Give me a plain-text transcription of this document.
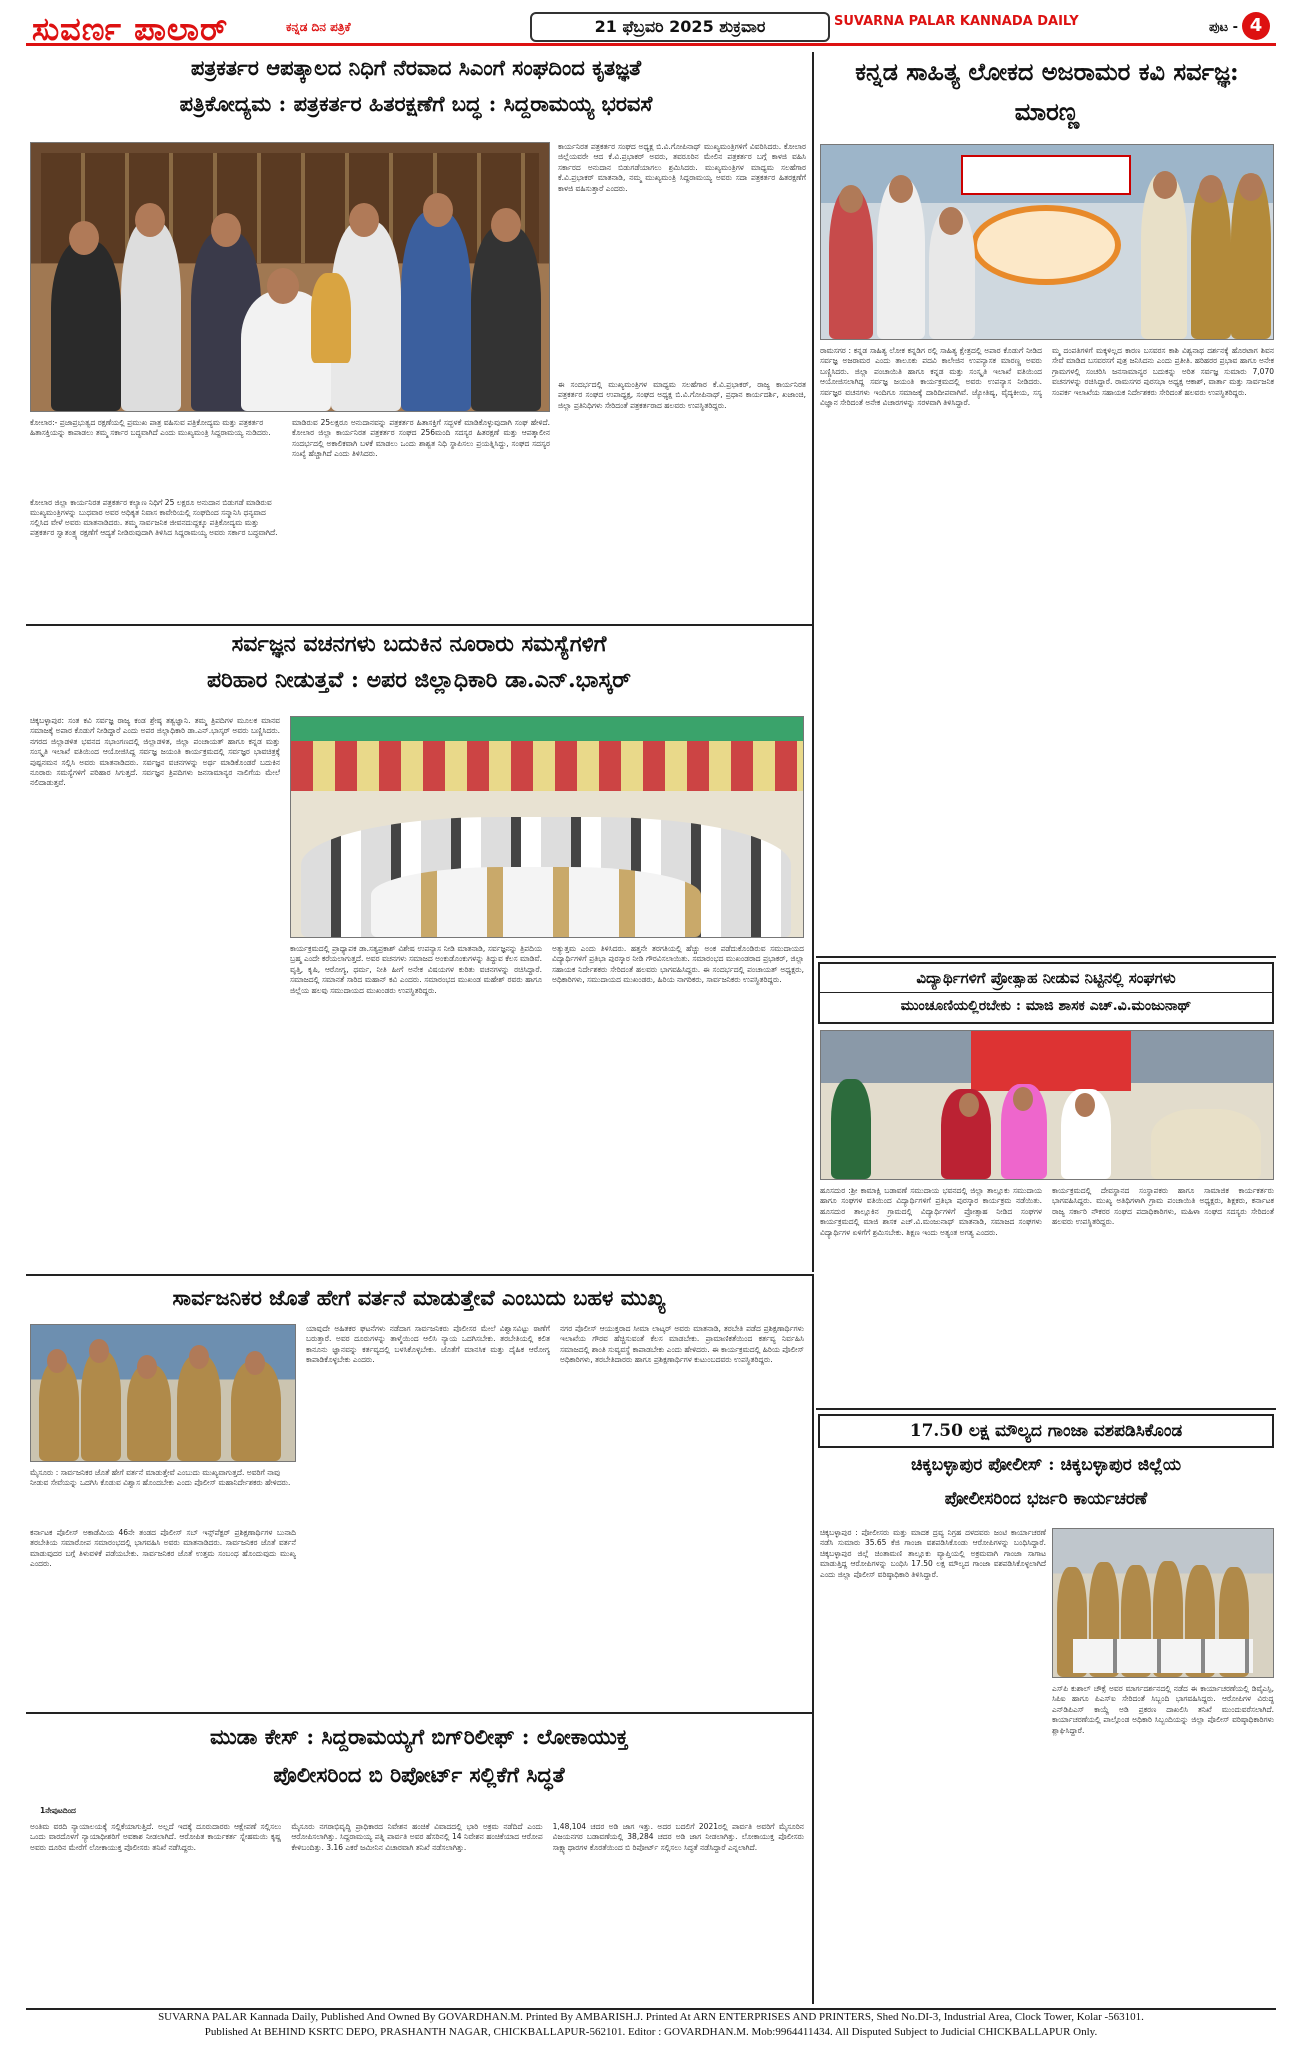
ಸುವರ್ಣ ಪಾಲಾರ್	ಕನ್ನಡ ದಿನ ಪತ್ರಿಕೆ	21 ಫೆಬ್ರವರಿ 2025 ಶುಕ್ರವಾರ	SUVARNA PALAR KANNADA DAILY	ಪುಟ - 4
ಪತ್ರಕರ್ತರ ಆಪತ್ಕಾಲದ ನಿಧಿಗೆ ನೆರವಾದ ಸಿಎಂಗೆ ಸಂಘದಿಂದ ಕೃತಜ್ಞತೆ
ಪತ್ರಿಕೋದ್ಯಮ : ಪತ್ರಕರ್ತರ ಹಿತರಕ್ಷಣೆಗೆ ಬದ್ಧ : ಸಿದ್ದರಾಮಯ್ಯ ಭರವಸೆ
ಕೋಲಾರ:- ಪ್ರಜಾಪ್ರಭುತ್ವದ ರಕ್ಷಣೆಯಲ್ಲಿ ಪ್ರಮುಖ ಪಾತ್ರ ವಹಿಸುವ ಪತ್ರಿಕೋದ್ಯಮ ಮತ್ತು ಪತ್ರಕರ್ತರ ಹಿತಾಸಕ್ತಿಯನ್ನು ಕಾಪಾಡಲು ತಮ್ಮ ಸರ್ಕಾರ ಬದ್ಧವಾಗಿದೆ ಎಂದು ಮುಖ್ಯಮಂತ್ರಿ ಸಿದ್ದರಾಮಯ್ಯ ನುಡಿದರು.
ಮಾಡಿರುವ 25ಲಕ್ಷರೂ ಅನುದಾನವನ್ನು ಪತ್ರಕರ್ತರ ಹಿತಾಸಕ್ತಿಗೆ ಸದ್ಬಳಕೆ ಮಾಡಿಕೊಳ್ಳುವುದಾಗಿ ಸಂಘ ಹೇಳಿದೆ. ಕೋಲಾರ ಜಿಲ್ಲಾ ಕಾರ್ಯನಿರತ ಪತ್ರಕರ್ತರ ಸಂಘದ 256ಮಂದಿ ಸದಸ್ಯರ ಹಿತರಕ್ಷಣೆ ಮತ್ತು ಆಪತ್ಕಾಲೀನ ಸಂದರ್ಭದಲ್ಲಿ ಅಕಾಲಿಕವಾಗಿ ಬಳಕೆ ಮಾಡಲು ಒಂದು ಶಾಶ್ವತ ನಿಧಿ ಸ್ಥಾಪಿಸಲು ಪ್ರಯತ್ನಿಸಿದ್ದು, ಸಂಘದ ಸದಸ್ಯರ ಸಂಖ್ಯೆ ಹೆಚ್ಚಾಗಿದೆ ಎಂದು ತಿಳಿಸಿದರು.
ಕಾರ್ಯನಿರತ ಪತ್ರಕರ್ತರ ಸಂಘದ ಅಧ್ಯಕ್ಷ ಬಿ.ವಿ.ಗೋಪಿನಾಥ್ ಮುಖ್ಯಮಂತ್ರಿಗಳಿಗೆ ವಿವರಿಸಿದರು. ಕೋಲಾರ ಜಿಲ್ಲೆಯವರೇ ಆದ ಕೆ.ವಿ.ಪ್ರಭಾಕರ್ ಅವರು, ತವರೂರಿನ ಮೇಲಿನ ಪತ್ರಕರ್ತರ ಬಗ್ಗೆ ಕಾಳಜಿ ವಹಿಸಿ ಸರ್ಕಾರದ ಅನುದಾನ ಬಿಡುಗಡೆಯಾಗಲು ಶ್ರಮಿಸಿದರು. ಮುಖ್ಯಮಂತ್ರಿಗಳ ಮಾಧ್ಯಮ ಸಲಹೆಗಾರ ಕೆ.ವಿ.ಪ್ರಭಾಕರ್ ಮಾತನಾಡಿ, ನಮ್ಮ ಮುಖ್ಯಮಂತ್ರಿ ಸಿದ್ದರಾಮಯ್ಯ ಅವರು ಸದಾ ಪತ್ರಕರ್ತರ ಹಿತರಕ್ಷಣೆಗೆ ಕಾಳಜಿ ವಹಿಸುತ್ತಾರೆ ಎಂದರು.
ಈ ಸಂದರ್ಭದಲ್ಲಿ ಮುಖ್ಯಮಂತ್ರಿಗಳ ಮಾಧ್ಯಮ ಸಲಹೆಗಾರ ಕೆ.ವಿ.ಪ್ರಭಾಕರ್, ರಾಜ್ಯ ಕಾರ್ಯನಿರತ ಪತ್ರಕರ್ತರ ಸಂಘದ ಉಪಾಧ್ಯಕ್ಷ, ಸಂಘದ ಅಧ್ಯಕ್ಷ ಬಿ.ವಿ.ಗೋಪಿನಾಥ್, ಪ್ರಧಾನ ಕಾರ್ಯದರ್ಶಿ, ಖಜಾಂಚಿ, ಜಿಲ್ಲಾ ಪ್ರತಿನಿಧಿಗಳು ಸೇರಿದಂತೆ ಪತ್ರಕರ್ತರಾದ ಹಲವರು ಉಪಸ್ಥಿತರಿದ್ದರು.
ಕೋಲಾರ ಜಿಲ್ಲಾ ಕಾರ್ಯನಿರತ ಪತ್ರಕರ್ತರ ಕಲ್ಯಾಣ ನಿಧಿಗೆ 25 ಲಕ್ಷರೂ ಅನುದಾನ ಬಿಡುಗಡೆ ಮಾಡಿರುವ ಮುಖ್ಯಮಂತ್ರಿಗಳನ್ನು ಬುಧವಾರ ಅವರ ಅಧಿಕೃತ ನಿವಾಸ ಕಾವೇರಿಯಲ್ಲಿ ಸಂಘದಿಂದ ಸನ್ಮಾನಿಸಿ ಧನ್ಯವಾದ ಸಲ್ಲಿಸಿದ ವೇಳೆ ಅವರು ಮಾತನಾಡಿದರು. ತಮ್ಮ ಸಾರ್ವಜನಿಕ ಜೀವನದುದ್ದಕ್ಕೂ ಪತ್ರಿಕೋದ್ಯಮ ಮತ್ತು ಪತ್ರಕರ್ತರ ಸ್ವಾತಂತ್ರ್ಯ ರಕ್ಷಣೆಗೆ ಆದ್ಯತೆ ನೀಡಿರುವುದಾಗಿ ತಿಳಿಸಿದ ಸಿದ್ದರಾಮಯ್ಯ ಅವರು ಸರ್ಕಾರ ಬದ್ಧವಾಗಿದೆ.
ಕನ್ನಡ ಸಾಹಿತ್ಯ ಲೋಕದ ಅಜರಾಮರ ಕವಿ ಸರ್ವಜ್ಞ: ಮಾರಣ್ಣ
ರಾಮಸಗರ : ಕನ್ನಡ ಸಾಹಿತ್ಯ ಲೋಕ ಕನ್ನಡಿಗ ರಲ್ಲಿ ಸಾಹಿತ್ಯ ಕ್ಷೇತ್ರದಲ್ಲಿ ಅಪಾರ ಕೊಡುಗೆ ನೀಡಿದ ಸರ್ವಜ್ಞ ಅಜರಾಮರ ಎಂದು ತಾಲೂಕು ಪದವಿ ಕಾಲೇಜಿನ ಉಪನ್ಯಾಸಕ ಮಾರಣ್ಣ ಅವರು ಬಣ್ಣಿಸಿದರು. ಜಿಲ್ಲಾ ಪಂಚಾಯಿತಿ ಹಾಗೂ ಕನ್ನಡ ಮತ್ತು ಸಂಸ್ಕೃತಿ ಇಲಾಖೆ ವತಿಯಿಂದ ಆಯೋಜಿಸಲಾಗಿದ್ದ ಸರ್ವಜ್ಞ ಜಯಂತಿ ಕಾರ್ಯಕ್ರಮದಲ್ಲಿ ಅವರು ಉಪನ್ಯಾಸ ನೀಡಿದರು. ಸರ್ವಜ್ಞರ ವಚನಗಳು ಇಂದಿಗೂ ಸಮಾಜಕ್ಕೆ ದಾರಿದೀಪವಾಗಿವೆ. ಜ್ಯೋತಿಷ್ಯ, ವೈದ್ಯಕೀಯ, ಸಸ್ಯ ವಿಜ್ಞಾನ ಸೇರಿದಂತೆ ಅನೇಕ ವಿಚಾರಗಳನ್ನು ಸರಳವಾಗಿ ತಿಳಿಸಿದ್ದಾರೆ.
ಮ್ಮ ದಂಪತಿಗಳಿಗೆ ಮಕ್ಕಳಿಲ್ಲದ ಕಾರಣ ಬಸವರಸ ಕಾಶಿ ವಿಶ್ವನಾಥ ದರ್ಶನಕ್ಕೆ ಹೊರಟಾಗ ಶಿವನ ಸೇವೆ ಮಾಡಿದ ಬಸವರಸಗೆ ಪುತ್ರ ಜನಿಸಿದನು ಎಂದು ಪ್ರತೀತಿ. ಹರಿಹರರ ಪ್ರಭಾವ ಹಾಗೂ ಅನೇಕ ಗ್ರಾಮಗಳಲ್ಲಿ ಸಂಚರಿಸಿ ಜನಸಾಮಾನ್ಯರ ಬದುಕನ್ನು ಅರಿತ ಸರ್ವಜ್ಞ ಸುಮಾರು 7,070 ವಚನಗಳನ್ನು ರಚಿಸಿದ್ದಾರೆ. ರಾಮಸಗರ ಪುರಸಭಾ ಅಧ್ಯಕ್ಷ ಆಕಾಶ್, ವಾರ್ತಾ ಮತ್ತು ಸಾರ್ವಜನಿಕ ಸಂಪರ್ಕ ಇಲಾಖೆಯ ಸಹಾಯಕ ನಿರ್ದೇಶಕರು ಸೇರಿದಂತೆ ಹಲವರು ಉಪಸ್ಥಿತರಿದ್ದರು.
ಸರ್ವಜ್ಞನ ವಚನಗಳು ಬದುಕಿನ ನೂರಾರು ಸಮಸ್ಯೆಗಳಿಗೆ
ಪರಿಹಾರ ನೀಡುತ್ತವೆ : ಅಪರ ಜಿಲ್ಲಾಧಿಕಾರಿ ಡಾ.ಎನ್.ಭಾಸ್ಕರ್
ಚಿಕ್ಕಬಳ್ಳಾಪುರ: ಸಂತ ಕವಿ ಸರ್ವಜ್ಞ ರಾಜ್ಯ ಕಂಡ ಶ್ರೇಷ್ಠ ತತ್ವಜ್ಞಾನಿ. ತಮ್ಮ ತ್ರಿಪದಿಗಳ ಮೂಲಕ ಮಾನವ ಸಮಾಜಕ್ಕೆ ಅಪಾರ ಕೊಡುಗೆ ನೀಡಿದ್ದಾರೆ ಎಂದು ಅಪರ ಜಿಲ್ಲಾಧಿಕಾರಿ ಡಾ.ಎನ್.ಭಾಸ್ಕರ್ ಅವರು ಬಣ್ಣಿಸಿದರು. ನಗರದ ಜಿಲ್ಲಾಡಳಿತ ಭವನದ ಸಭಾಂಗಣದಲ್ಲಿ ಜಿಲ್ಲಾಡಳಿತ, ಜಿಲ್ಲಾ ಪಂಚಾಯತ್ ಹಾಗೂ ಕನ್ನಡ ಮತ್ತು ಸಂಸ್ಕೃತಿ ಇಲಾಖೆ ವತಿಯಿಂದ ಆಯೋಜಿಸಿದ್ದ ಸರ್ವಜ್ಞ ಜಯಂತಿ ಕಾರ್ಯಕ್ರಮದಲ್ಲಿ ಸರ್ವಜ್ಞರ ಭಾವಚಿತ್ರಕ್ಕೆ ಪುಷ್ಪನಮನ ಸಲ್ಲಿಸಿ ಅವರು ಮಾತನಾಡಿದರು. ಸರ್ವಜ್ಞನ ವಚನಗಳನ್ನು ಅರ್ಥ ಮಾಡಿಕೊಂಡರೆ ಬದುಕಿನ ನೂರಾರು ಸಮಸ್ಯೆಗಳಿಗೆ ಪರಿಹಾರ ಸಿಗುತ್ತದೆ. ಸರ್ವಜ್ಞನ ತ್ರಿಪದಿಗಳು ಜನಸಾಮಾನ್ಯರ ನಾಲಿಗೆಯ ಮೇಲೆ ನಲಿದಾಡುತ್ತವೆ.
ಕಾರ್ಯಕ್ರಮದಲ್ಲಿ ಪ್ರಾಧ್ಯಾಪಕ ಡಾ.ಸತ್ಯಪ್ರಕಾಶ್ ವಿಶೇಷ ಉಪನ್ಯಾಸ ನೀಡಿ ಮಾತನಾಡಿ, ಸರ್ವಜ್ಞನನ್ನು ತ್ರಿಪದಿಯ ಬ್ರಹ್ಮ ಎಂದೇ ಕರೆಯಲಾಗುತ್ತದೆ. ಅವರ ವಚನಗಳು ಸಮಾಜದ ಅಂಕುಡೊಂಕುಗಳನ್ನು ತಿದ್ದುವ ಕೆಲಸ ಮಾಡಿವೆ. ವೃತ್ತಿ, ಕೃಷಿ, ಆರೋಗ್ಯ, ಧರ್ಮ, ನೀತಿ ಹೀಗೆ ಅನೇಕ ವಿಷಯಗಳ ಕುರಿತು ವಚನಗಳನ್ನು ರಚಿಸಿದ್ದಾರೆ. ಸಮಾಜದಲ್ಲಿ ಸಮಾನತೆ ಸಾರಿದ ಮಹಾನ್ ಕವಿ ಎಂದರು. ಸಮಾರಂಭದ ಮುಖಂಡ ಮಹೇಶ್ ರವರು ಹಾಗೂ ಜಿಲ್ಲೆಯ ಹಲವು ಸಮುದಾಯದ ಮುಖಂಡರು ಉಪಸ್ಥಿತರಿದ್ದರು.
ಅತ್ಯುತ್ತಮ ಎಂದು ತಿಳಿಸಿದರು. ಹತ್ತನೇ ತರಗತಿಯಲ್ಲಿ ಹೆಚ್ಚು ಅಂಕ ಪಡೆದುಕೊಂಡಿರುವ ಸಮುದಾಯದ ವಿದ್ಯಾರ್ಥಿಗಳಿಗೆ ಪ್ರತಿಭಾ ಪುರಸ್ಕಾರ ನೀಡಿ ಗೌರವಿಸಲಾಯಿತು. ಸಮಾರಂಭದ ಮುಖಂಡರಾದ ಪ್ರಭಾಕರ್, ಜಿಲ್ಲಾ ಸಹಾಯಕ ನಿರ್ದೇಶಕರು ಸೇರಿದಂತೆ ಹಲವರು ಭಾಗವಹಿಸಿದ್ದರು. ಈ ಸಂದರ್ಭದಲ್ಲಿ ಪಂಚಾಯತ್ ಅಧ್ಯಕ್ಷರು, ಅಧಿಕಾರಿಗಳು, ಸಮುದಾಯದ ಮುಖಂಡರು, ಹಿರಿಯ ನಾಗರಿಕರು, ಸಾರ್ವಜನಿಕರು ಉಪಸ್ಥಿತರಿದ್ದರು.	ವಿದ್ಯಾರ್ಥಿಗಳಿಗೆ ಪ್ರೋತ್ಸಾಹ ನೀಡುವ ನಿಟ್ಟಿನಲ್ಲಿ ಸಂಘಗಳು
ಮುಂಚೂಣಿಯಲ್ಲಿರಬೇಕು : ಮಾಜಿ ಶಾಸಕ ಎಚ್.ವಿ.ಮಂಜುನಾಥ್
ಹೂಸದುರ :ಶ್ರೀ ಕಾಮಾಕ್ಷಿ ಬಡಾವಣೆ ಸಮುದಾಯ ಭವನದಲ್ಲಿ ಜಿಲ್ಲಾ ತಾಲ್ಲೂಕು ಸಮುದಾಯ ಹಾಗೂ ಸಂಘಗಳ ವತಿಯಿಂದ ವಿದ್ಯಾರ್ಥಿಗಳಿಗೆ ಪ್ರತಿಭಾ ಪುರಸ್ಕಾರ ಕಾರ್ಯಕ್ರಮ ನಡೆಯಿತು. ಹೂಸದುರ ತಾಲ್ಲೂಕಿನ ಗ್ರಾಮದಲ್ಲಿ ವಿದ್ಯಾರ್ಥಿಗಳಿಗೆ ಪ್ರೋತ್ಸಾಹ ನೀಡಿದ ಸಂಘಗಳ ಕಾರ್ಯಕ್ರಮದಲ್ಲಿ ಮಾಜಿ ಶಾಸಕ ಎಚ್.ವಿ.ಮಂಜುನಾಥ್ ಮಾತನಾಡಿ, ಸಮಾಜದ ಸಂಘಗಳು ವಿದ್ಯಾರ್ಥಿಗಳ ಏಳಿಗೆಗೆ ಶ್ರಮಿಸಬೇಕು. ಶಿಕ್ಷಣ ಇಂದು ಅತ್ಯಂತ ಅಗತ್ಯ ಎಂದರು.
ಕಾರ್ಯಕ್ರಮದಲ್ಲಿ ದೇವಸ್ಥಾನದ ಸಂಸ್ಥಾಪಕರು ಹಾಗೂ ಸಾಮಾಜಿಕ ಕಾರ್ಯಕರ್ತರು ಭಾಗವಹಿಸಿದ್ದರು. ಮುಖ್ಯ ಅತಿಥಿಗಳಾಗಿ ಗ್ರಾಮ ಪಂಚಾಯಿತಿ ಅಧ್ಯಕ್ಷರು, ಶಿಕ್ಷಕರು, ಕರ್ನಾಟಕ ರಾಜ್ಯ ಸರ್ಕಾರಿ ನೌಕರರ ಸಂಘದ ಪದಾಧಿಕಾರಿಗಳು, ಮಹಿಳಾ ಸಂಘದ ಸದಸ್ಯರು ಸೇರಿದಂತೆ ಹಲವರು ಉಪಸ್ಥಿತರಿದ್ದರು.
ಸಾರ್ವಜನಿಕರ ಜೊತೆ ಹೇಗೆ ವರ್ತನೆ ಮಾಡುತ್ತೇವೆ ಎಂಬುದು ಬಹಳ ಮುಖ್ಯ
ಮೈಸೂರು : ಸಾರ್ವಜನಿಕರ ಜೊತೆ ಹೇಗೆ ವರ್ತನೆ ಮಾಡುತ್ತೇವೆ ಎಂಬುದು ಮುಖ್ಯವಾಗುತ್ತದೆ. ಅವರಿಗೆ ನಾವು ನೀಡುವ ಸೇವೆಯನ್ನು ಒದಗಿಸಿ ಕೊಡುವ ವಿಶ್ವಾಸ ಹೊಂದಬೇಕು ಎಂದು ಪೊಲೀಸ್ ಮಹಾನಿರ್ದೇಶಕರು ಹೇಳಿದರು.
ಕರ್ನಾಟಕ ಪೊಲೀಸ್ ಅಕಾಡೆಮಿಯ 46ನೇ ತಂಡದ ಪೊಲೀಸ್ ಸಬ್ ಇನ್ಸ್‌ಪೆಕ್ಟರ್ ಪ್ರಶಿಕ್ಷಣಾರ್ಥಿಗಳ ಬುನಾದಿ ತರಬೇತಿಯ ಸಮಾರೋಪ ಸಮಾರಂಭದಲ್ಲಿ ಭಾಗವಹಿಸಿ ಅವರು ಮಾತನಾಡಿದರು. ಸಾರ್ವಜನಿಕರ ಜೊತೆ ವರ್ತನೆ ಮಾಡುವುದರ ಬಗ್ಗೆ ತಿಳುವಳಿಕೆ ಪಡೆಯಬೇಕು. ಸಾರ್ವಜನಿಕರ ಜೊತೆ ಉತ್ತಮ ಸಂಬಂಧ ಹೊಂದುವುದು ಮುಖ್ಯ ಎಂದರು.
ಯಾವುದೇ ಅಹಿತಕರ ಘಟನೆಗಳು ನಡೆದಾಗ ಸಾರ್ವಜನಿಕರು ಪೊಲೀಸರ ಮೇಲೆ ವಿಶ್ವಾಸವಿಟ್ಟು ಠಾಣೆಗೆ ಬರುತ್ತಾರೆ. ಅವರ ದೂರುಗಳನ್ನು ತಾಳ್ಮೆಯಿಂದ ಆಲಿಸಿ ನ್ಯಾಯ ಒದಗಿಸಬೇಕು. ತರಬೇತಿಯಲ್ಲಿ ಕಲಿತ ಕಾನೂನು ಜ್ಞಾನವನ್ನು ಕರ್ತವ್ಯದಲ್ಲಿ ಬಳಸಿಕೊಳ್ಳಬೇಕು. ಜೊತೆಗೆ ಮಾನಸಿಕ ಮತ್ತು ದೈಹಿಕ ಆರೋಗ್ಯ ಕಾಪಾಡಿಕೊಳ್ಳಬೇಕು ಎಂದರು.
ನಗರ ಪೊಲೀಸ್ ಆಯುಕ್ತರಾದ ಸೀಮಾ ಲಾಟ್ಕರ್ ಅವರು ಮಾತನಾಡಿ, ತರಬೇತಿ ಪಡೆದ ಪ್ರಶಿಕ್ಷಣಾರ್ಥಿಗಳು ಇಲಾಖೆಯ ಗೌರವ ಹೆಚ್ಚಿಸುವಂತೆ ಕೆಲಸ ಮಾಡಬೇಕು. ಪ್ರಾಮಾಣಿಕತೆಯಿಂದ ಕರ್ತವ್ಯ ನಿರ್ವಹಿಸಿ ಸಮಾಜದಲ್ಲಿ ಶಾಂತಿ ಸುವ್ಯವಸ್ಥೆ ಕಾಪಾಡಬೇಕು ಎಂದು ಹೇಳಿದರು. ಈ ಕಾರ್ಯಕ್ರಮದಲ್ಲಿ ಹಿರಿಯ ಪೊಲೀಸ್ ಅಧಿಕಾರಿಗಳು, ತರಬೇತಿದಾರರು ಹಾಗೂ ಪ್ರಶಿಕ್ಷಣಾರ್ಥಿಗಳ ಕುಟುಂಬದವರು ಉಪಸ್ಥಿತರಿದ್ದರು.
17.50 ಲಕ್ಷ ಮೌಲ್ಯದ ಗಾಂಜಾ ವಶಪಡಿಸಿಕೊಂಡ
ಚಿಕ್ಕಬಳ್ಳಾಪುರ ಪೋಲೀಸ್ : ಚಿಕ್ಕಬಳ್ಳಾಪುರ ಜಿಲ್ಲೆಯ
ಪೋಲೀಸರಿಂದ ಭರ್ಜರಿ ಕಾರ್ಯಚರಣೆ
ಚಿಕ್ಕಬಳ್ಳಾಪುರ : ಪೋಲೀಸರು ಮತ್ತು ಮಾದಕ ದ್ರವ್ಯ ನಿಗ್ರಹ ದಳದವರು ಜಂಟಿ ಕಾರ್ಯಾಚರಣೆ ನಡೆಸಿ ಸುಮಾರು 35.65 ಕೆಜಿ ಗಾಂಜಾ ವಶಪಡಿಸಿಕೊಂಡು ಆರೋಪಿಗಳನ್ನು ಬಂಧಿಸಿದ್ದಾರೆ. ಚಿಕ್ಕಬಳ್ಳಾಪುರ ಜಿಲ್ಲೆ ಚಿಂತಾಮಣಿ ತಾಲ್ಲೂಕು ವ್ಯಾಪ್ತಿಯಲ್ಲಿ ಅಕ್ರಮವಾಗಿ ಗಾಂಜಾ ಸಾಗಾಟ ಮಾಡುತ್ತಿದ್ದ ಆರೋಪಿಗಳನ್ನು ಬಂಧಿಸಿ 17.50 ಲಕ್ಷ ಮೌಲ್ಯದ ಗಾಂಜಾ ವಶಪಡಿಸಿಕೊಳ್ಳಲಾಗಿದೆ ಎಂದು ಜಿಲ್ಲಾ ಪೊಲೀಸ್ ವರಿಷ್ಠಾಧಿಕಾರಿ ತಿಳಿಸಿದ್ದಾರೆ.
ಎಸ್‌ಪಿ ಕುಶಾಲ್ ಚೌಕ್ಸೆ ಅವರ ಮಾರ್ಗದರ್ಶನದಲ್ಲಿ ನಡೆದ ಈ ಕಾರ್ಯಾಚರಣೆಯಲ್ಲಿ ಡಿವೈಎಸ್ಪಿ, ಸಿಪಿಐ ಹಾಗೂ ಪಿಎಸ್ಐ ಸೇರಿದಂತೆ ಸಿಬ್ಬಂದಿ ಭಾಗವಹಿಸಿದ್ದರು. ಆರೋಪಿಗಳ ವಿರುದ್ಧ ಎನ್‌ಡಿಪಿಎಸ್ ಕಾಯ್ದೆ ಅಡಿ ಪ್ರಕರಣ ದಾಖಲಿಸಿ ತನಿಖೆ ಮುಂದುವರೆಸಲಾಗಿದೆ. ಕಾರ್ಯಾಚರಣೆಯಲ್ಲಿ ಪಾಲ್ಗೊಂಡ ಅಧಿಕಾರಿ ಸಿಬ್ಬಂದಿಯನ್ನು ಜಿಲ್ಲಾ ಪೊಲೀಸ್ ವರಿಷ್ಠಾಧಿಕಾರಿಗಳು ಶ್ಲಾಘಿಸಿದ್ದಾರೆ.
ಮುಡಾ ಕೇಸ್ : ಸಿದ್ದರಾಮಯ್ಯಗೆ ಬಿಗ್‌ರಿಲೀಫ್ : ಲೋಕಾಯುಕ್ತ
ಪೊಲೀಸರಿಂದ ಬಿ ರಿಪೋರ್ಟ್ ಸಲ್ಲಿಕೆಗೆ ಸಿದ್ಧತೆ
1ನೇಪುಟದಿಂದ
ಅಂತಿಮ ವರದಿ ನ್ಯಾಯಾಲಯಕ್ಕೆ ಸಲ್ಲಿಕೆಯಾಗುತ್ತಿದೆ. ಅಲ್ಲದೆ ಇದಕ್ಕೆ ದೂರುದಾರರು ಆಕ್ಷೇಪಣೆ ಸಲ್ಲಿಸಲು ಒಂದು ವಾರದೊಳಗೆ ನ್ಯಾಯಾಧೀಶರಿಗೆ ಅವಕಾಶ ನೀಡಲಾಗಿದೆ. ಆರೋಪಿತ ಕಾರ್ಯಕರ್ತ ಸ್ನೇಹಮಯಿ ಕೃಷ್ಣ ಅವರು ದೂರಿನ ಮೇರೆಗೆ ಲೋಕಾಯುಕ್ತ ಪೊಲೀಸರು ತನಿಖೆ ನಡೆಸಿದ್ದರು.
ಮೈಸೂರು ನಗರಾಭಿವೃದ್ಧಿ ಪ್ರಾಧಿಕಾರದ ನಿವೇಶನ ಹಂಚಿಕೆ ವಿವಾದದಲ್ಲಿ ಭಾರಿ ಅಕ್ರಮ ನಡೆದಿದೆ ಎಂದು ಆರೋಪಿಸಲಾಗಿತ್ತು. ಸಿದ್ದರಾಮಯ್ಯ ಪತ್ನಿ ಪಾರ್ವತಿ ಅವರ ಹೆಸರಿನಲ್ಲಿ 14 ನಿವೇಶನ ಹಂಚಿಕೆಯಾದ ಆರೋಪ ಕೇಳಿಬಂದಿತ್ತು. 3.16 ಎಕರೆ ಜಮೀನಿನ ವಿಚಾರವಾಗಿ ತನಿಖೆ ನಡೆಸಲಾಗಿತ್ತು.
1,48,104 ಚದರ ಅಡಿ ಜಾಗ ಇತ್ತು. ಅದರ ಬದಲಿಗೆ 2021ರಲ್ಲಿ ಪಾರ್ವತಿ ಅವರಿಗೆ ಮೈಸೂರಿನ ವಿಜಯನಗರ ಬಡಾವಣೆಯಲ್ಲಿ 38,284 ಚದರ ಅಡಿ ಜಾಗ ನೀಡಲಾಗಿತ್ತು. ಲೋಕಾಯುಕ್ತ ಪೊಲೀಸರು ಸಾಕ್ಷ್ಯಾಧಾರಗಳ ಕೊರತೆಯಿಂದ ಬಿ ರಿಪೋರ್ಟ್ ಸಲ್ಲಿಸಲು ಸಿದ್ಧತೆ ನಡೆಸಿದ್ದಾರೆ ಎನ್ನಲಾಗಿದೆ.
SUVARNA PALAR Kannada Daily, Published And Owned By GOVARDHAN.M. Printed By AMBARISH.J. Printed At ARN ENTERPRISES AND PRINTERS, Shed No.DI-3, Industrial Area, Clock Tower, Kolar -563101.
Published At BEHIND KSRTC DEPO, PRASHANTH NAGAR, CHICKBALLAPUR-562101. Editor : GOVARDHAN.M. Mob:9964411434. All Disputed Subject to Judicial CHICKBALLAPUR Only.
